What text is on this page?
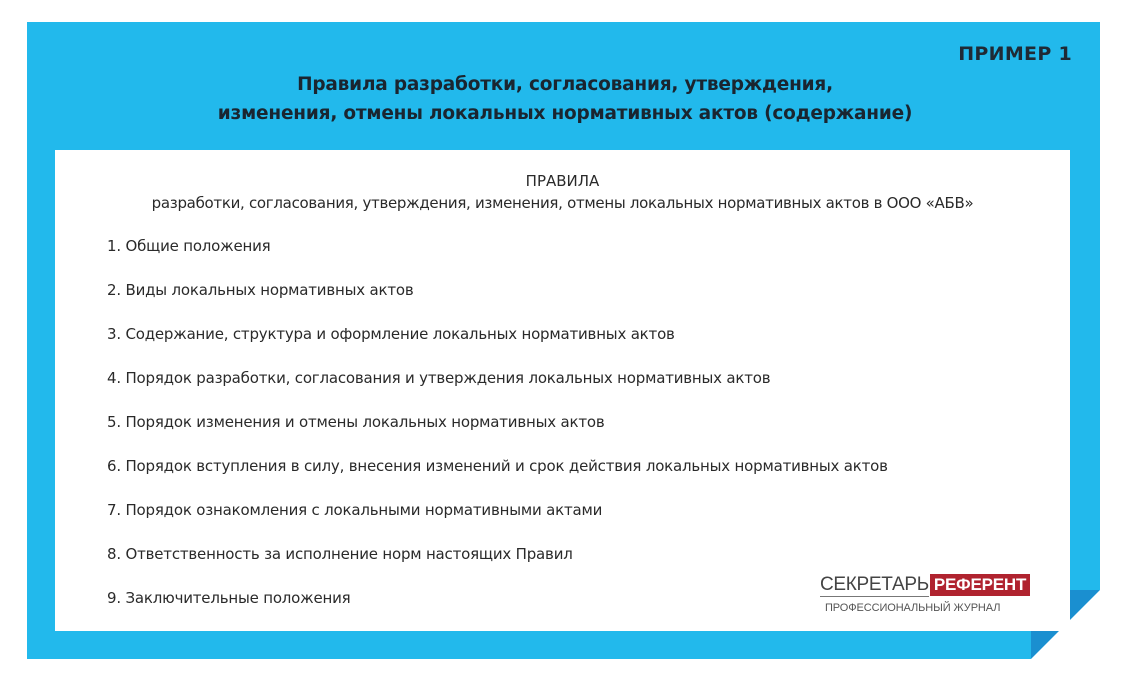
ПРИМЕР 1
Правила разработки, согласования, утверждения,
изменения, отмены локальных нормативных актов (содержание)
ПРАВИЛА
разработки, согласования, утверждения, изменения, отмены локальных нормативных актов в ООО «АБВ»
1. Общие положения
2. Виды локальных нормативных актов
3. Содержание, структура и оформление локальных нормативных актов
4. Порядок разработки, согласования и утверждения локальных нормативных актов
5. Порядок изменения и отмены локальных нормативных актов
6. Порядок вступления в силу, внесения изменений и срок действия локальных нормативных актов
7. Порядок ознакомления с локальными нормативными актами
8. Ответственность за исполнение норм настоящих Правил
9. Заключительные положения
СЕКРЕТАРЬ РЕФЕРЕНТ
ПРОФЕССИОНАЛЬНЫЙ ЖУРНАЛ
